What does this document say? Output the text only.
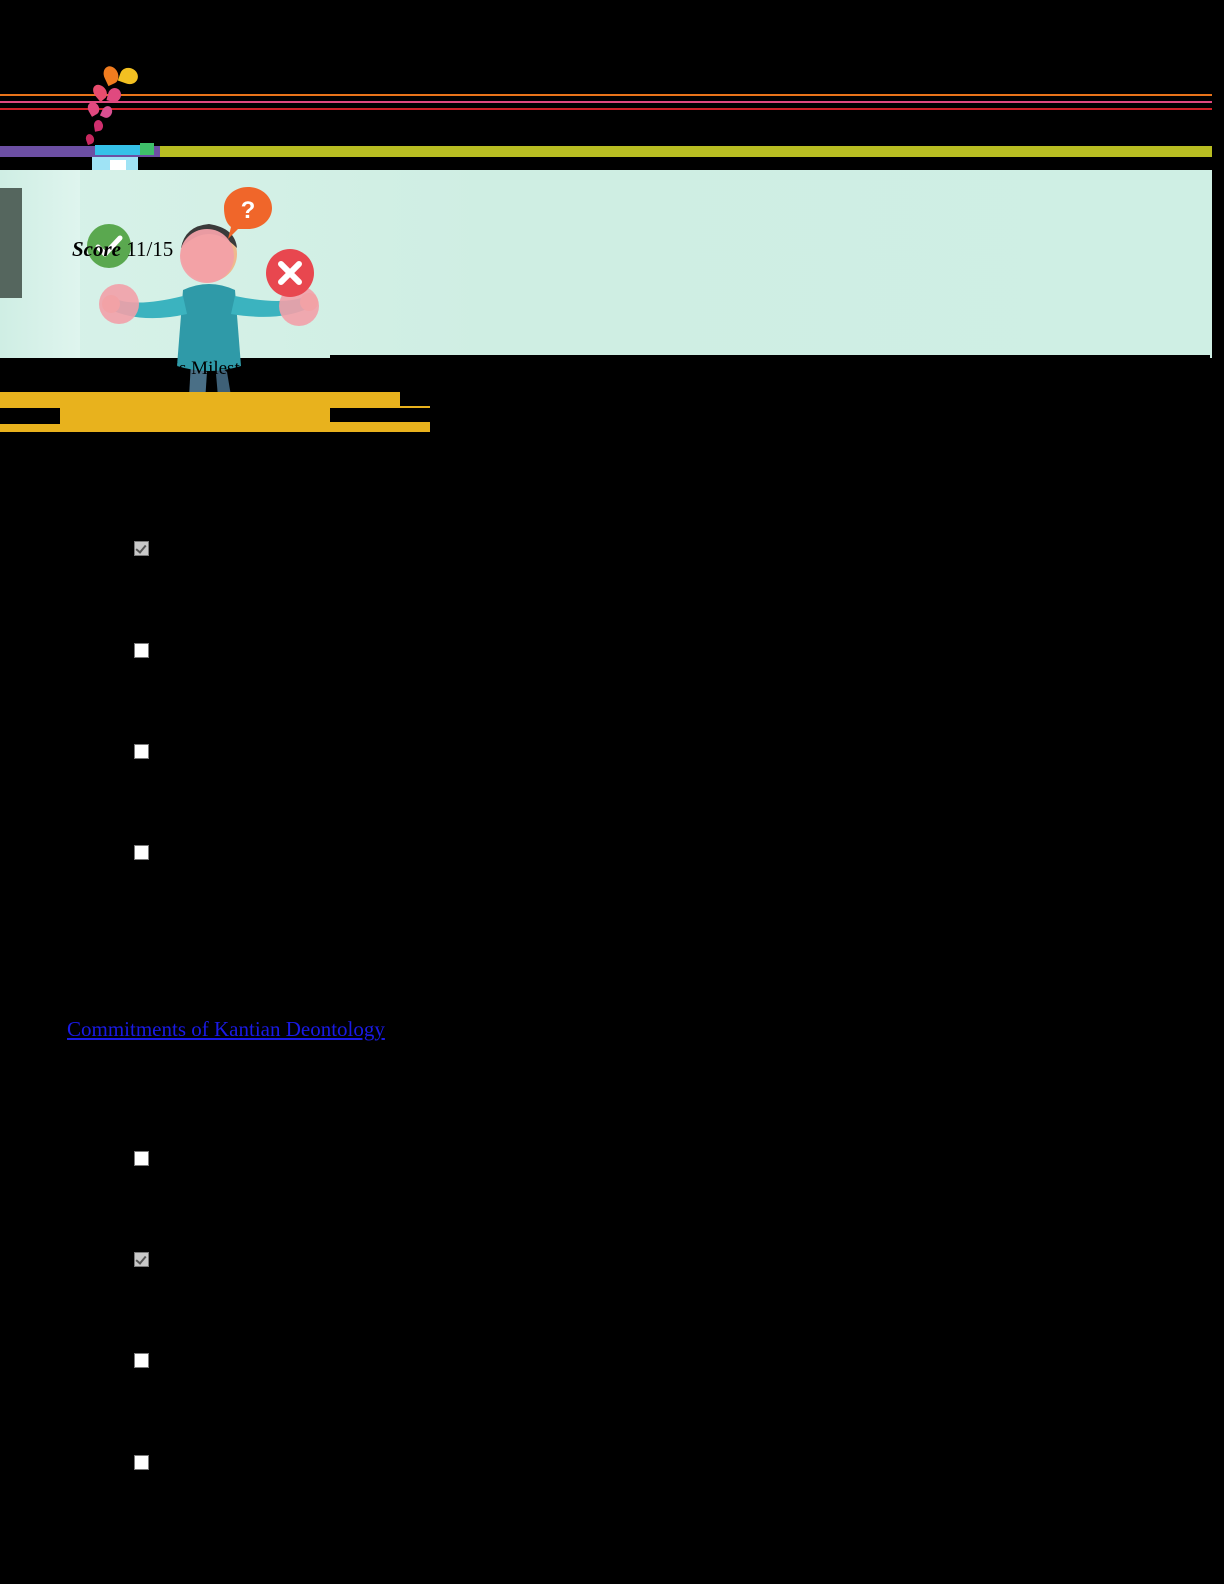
?
Score 11/15
You passed this Milestone
Commitments of Kantian Deontology
